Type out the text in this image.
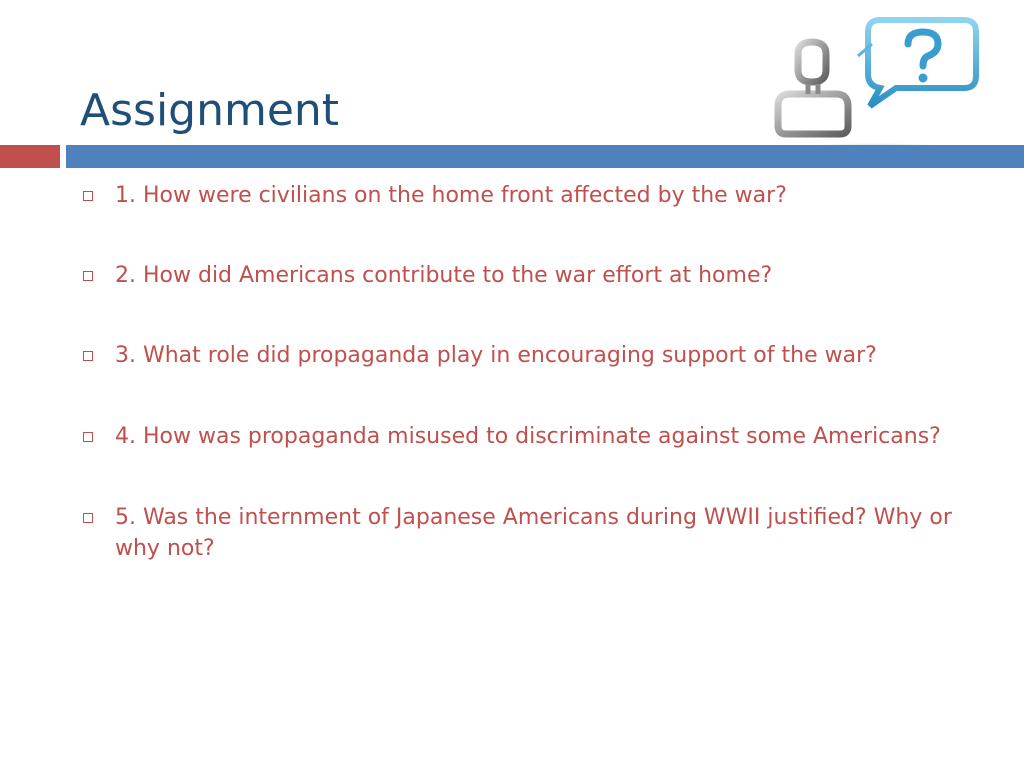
Assignment
1. How were civilians on the home front affected by the war?
2. How did Americans contribute to the war effort at home?
3. What role did propaganda play in encouraging support of the war?
4. How was propaganda misused to discriminate against some Americans?
5. Was the internment of Japanese Americans during WWII justified? Why or why not?
